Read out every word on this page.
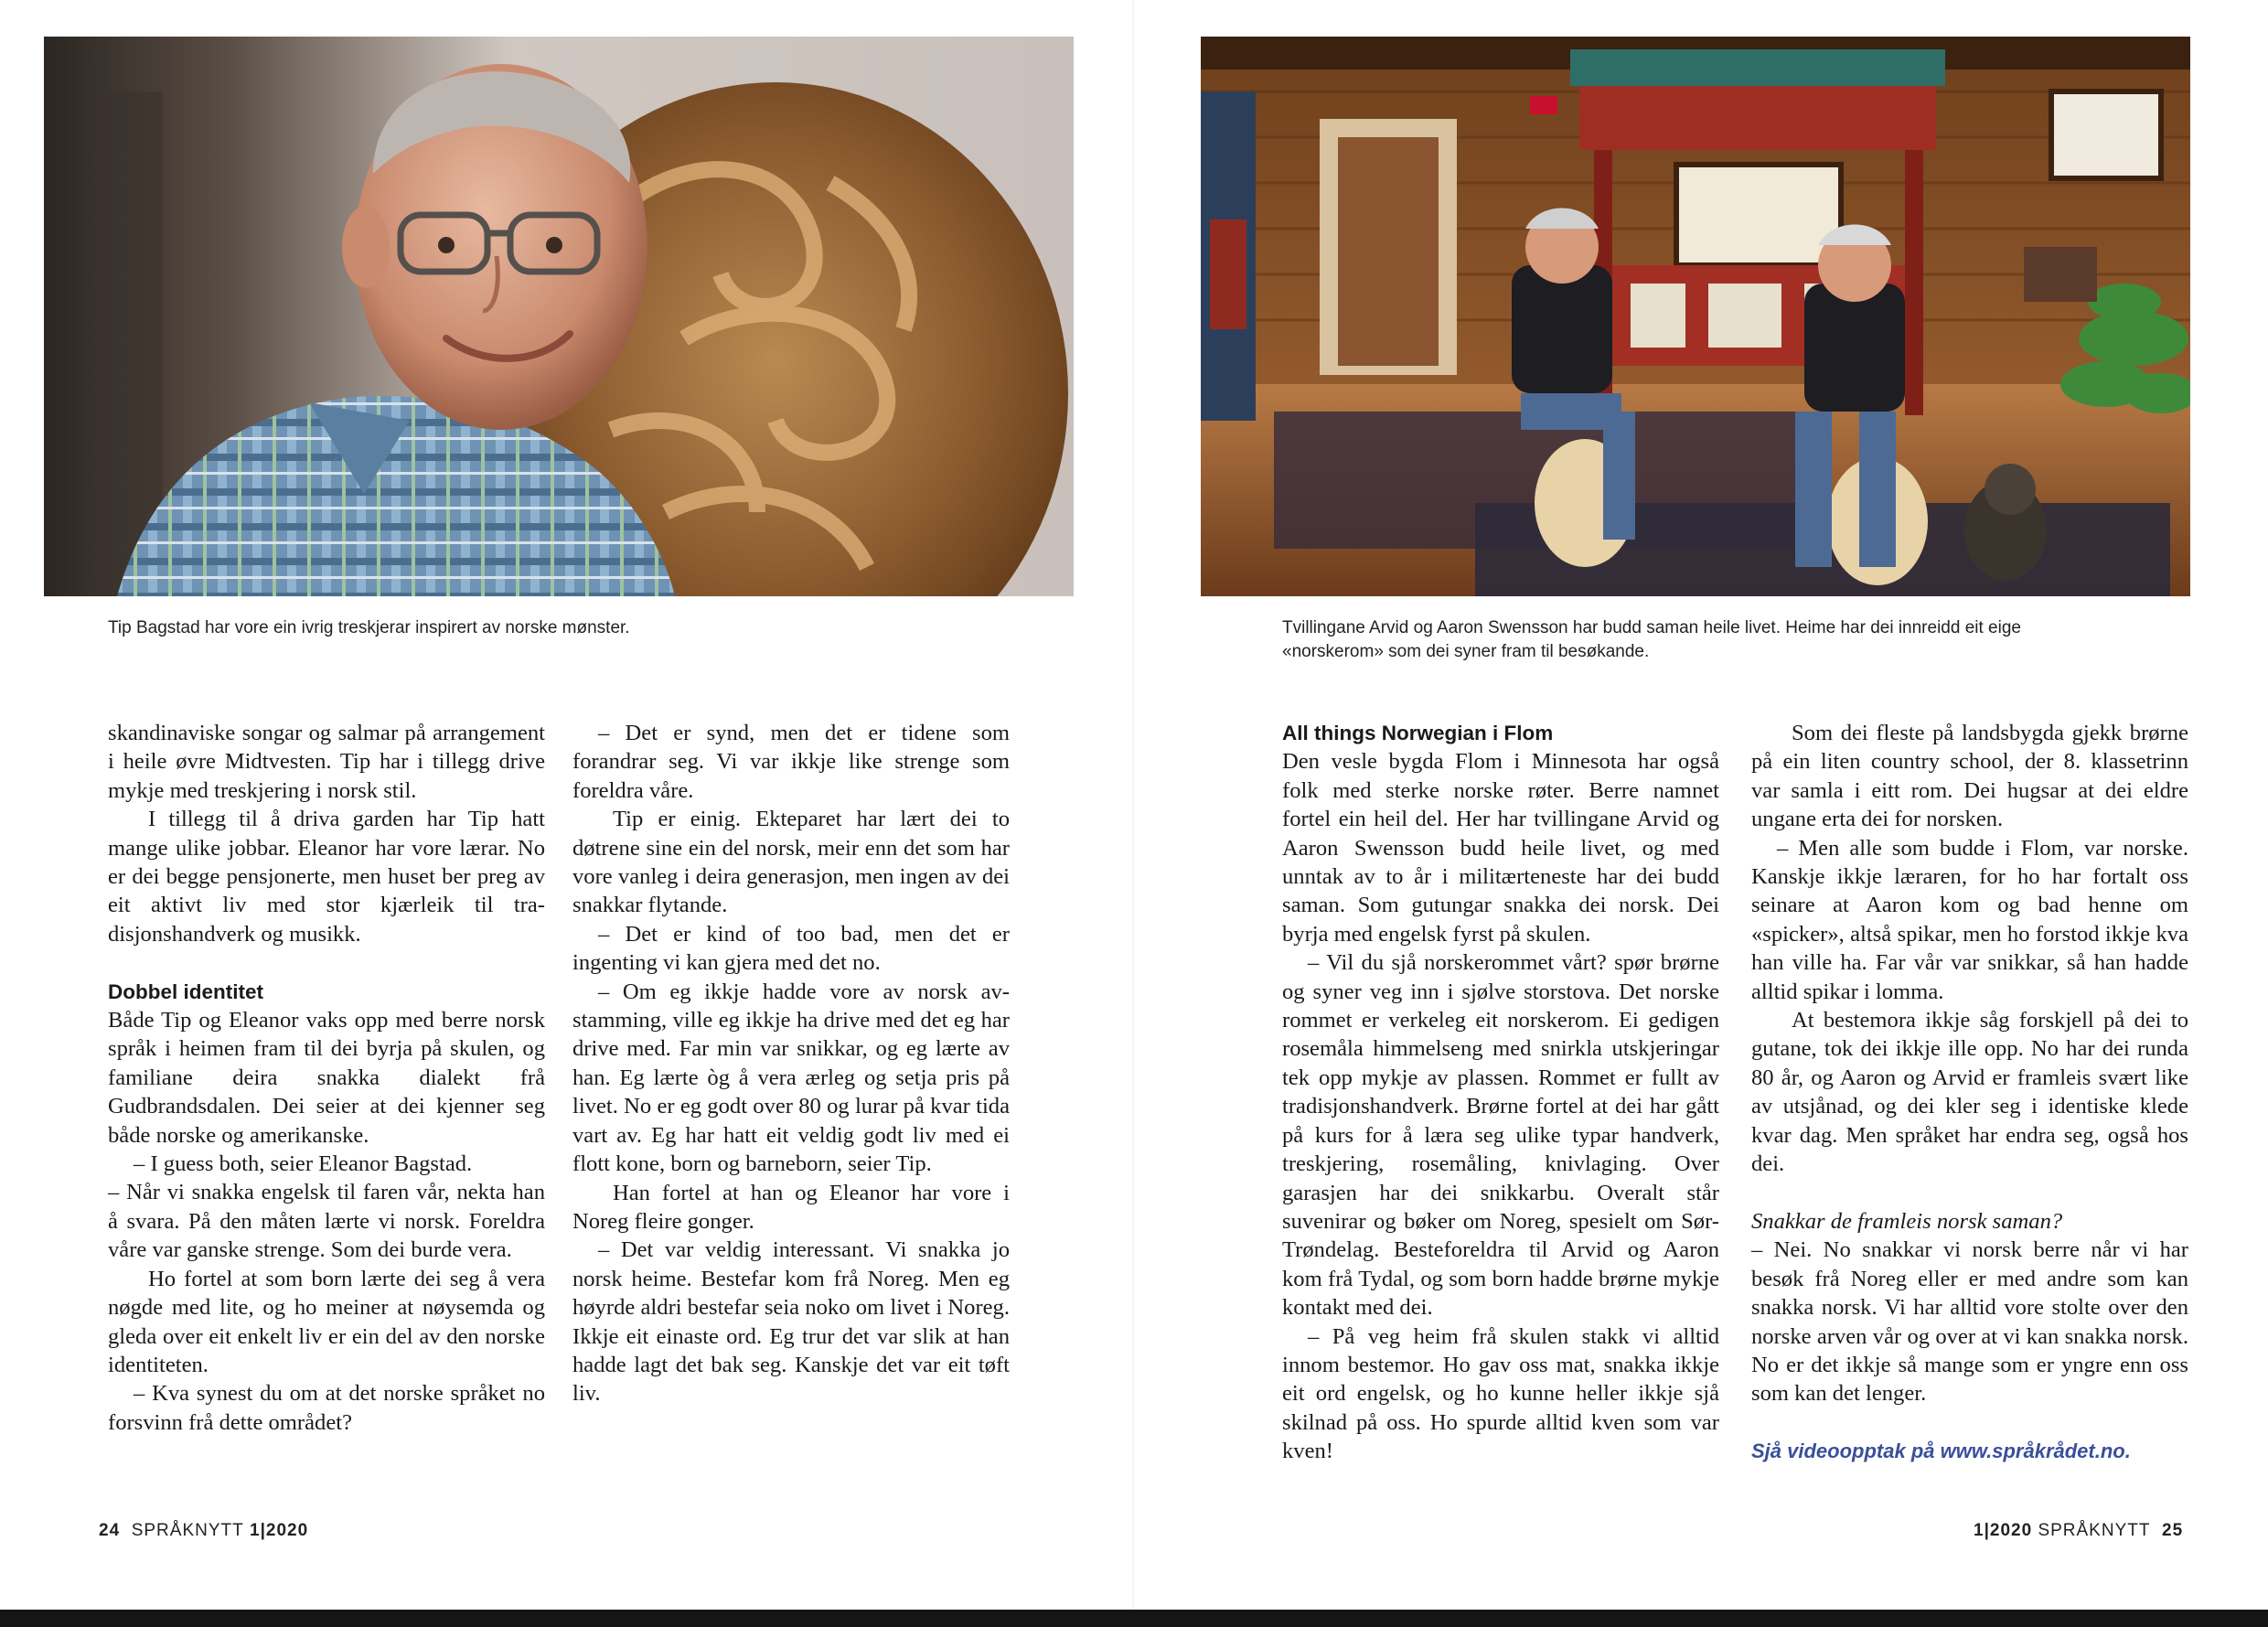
Tip Bagstad har vore ein ivrig treskjerar inspirert av norske mønster.

skandinaviske songar og salmar på arrangement i heile øvre Midtvesten. Tip har i tillegg drive mykje med treskjering i norsk stil.

I tillegg til å driva garden har Tip hatt mange ulike jobbar. Eleanor har vore lærar. No er dei begge pensjonerte, men huset ber preg av eit aktivt liv med stor kjærleik til tradisjonshandverk og musikk.

Dobbel identitet

Både Tip og Eleanor vaks opp med berre norsk språk i heimen fram til dei byrja på skulen, og familiane deira snakka dialekt frå Gudbrandsdalen. Dei seier at dei kjenner seg både norske og amerikanske.

– I guess both, seier Eleanor Bagstad.

– Når vi snakka engelsk til faren vår, nekta han å svara. På den måten lærte vi norsk. Foreldra våre var ganske strenge. Som dei burde vera.

Ho fortel at som born lærte dei seg å vera nøgde med lite, og ho meiner at nøysemda og gleda over eit enkelt liv er ein del av den norske identiteten.

– Kva synest du om at det norske språket no forsvinn frå dette området?

– Det er synd, men det er tidene som forandrar seg. Vi var ikkje like strenge som foreldra våre.

Tip er einig. Ekteparet har lært dei to døtrene sine ein del norsk, meir enn det som har vore vanleg i deira generasjon, men ingen av dei snakkar flytande.

– Det er kind of too bad, men det er ingenting vi kan gjera med det no.

– Om eg ikkje hadde vore av norsk avstamming, ville eg ikkje ha drive med det eg har drive med. Far min var snikkar, og eg lærte av han. Eg lærte òg å vera ærleg og setja pris på livet. No er eg godt over 80 og lurar på kvar tida vart av. Eg har hatt eit veldig godt liv med ei flott kone, born og barneborn, seier Tip.

Han fortel at han og Eleanor har vore i Noreg fleire gonger.

– Det var veldig interessant. Vi snakka jo norsk heime. Bestefar kom frå Noreg. Men eg høyrde aldri bestefar seia noko om livet i Noreg. Ikkje eit einaste ord. Eg trur det var slik at han hadde lagt det bak seg. Kanskje det var eit tøft liv.

24 SPRÅKNYTT 1|2020
Tvillingane Arvid og Aaron Swensson har budd saman heile livet. Heime har dei innreidd eit eige
«norskerom» som dei syner fram til besøkande.

All things Norwegian i Flom

Den vesle bygda Flom i Minnesota har også folk med sterke norske røter. Berre namnet fortel ein heil del. Her har tvillingane Arvid og Aaron Swensson budd heile livet, og med unntak av to år i militærteneste har dei budd saman. Som gutungar snakka dei norsk. Dei byrja med engelsk fyrst på skulen.

– Vil du sjå norskerommet vårt? spør brørne og syner veg inn i sjølve storstova. Det norske rommet er verkeleg eit norskerom. Ei gedigen rosemåla himmelseng med snirkla utskjeringar tek opp mykje av plassen. Rommet er fullt av tradisjonshandverk. Brørne fortel at dei har gått på kurs for å læra seg ulike typar handverk, treskjering, rosemåling, knivlaging. Over garasjen har dei snikkarbu. Overalt står suvenirar og bøker om Noreg, spesielt om Sør-Trøndelag. Besteforeldra til Arvid og Aaron kom frå Tydal, og som born hadde brørne mykje kontakt med dei.

– På veg heim frå skulen stakk vi alltid innom bestemor. Ho gav oss mat, snakka ikkje eit ord engelsk, og ho kunne heller ikkje sjå skilnad på oss. Ho spurde alltid kven som var kven!

Som dei fleste på landsbygda gjekk brørne på ein liten country school, der 8. klassetrinn var samla i eitt rom. Dei hugsar at dei eldre ungane erta dei for norsken.

– Men alle som budde i Flom, var norske. Kanskje ikkje læraren, for ho har fortalt oss seinare at Aaron kom og bad henne om «spicker», altså spikar, men ho forstod ikkje kva han ville ha. Far vår var snikkar, så han hadde alltid spikar i lomma.

At bestemora ikkje såg forskjell på dei to gutane, tok dei ikkje ille opp. No har dei runda 80 år, og Aaron og Arvid er framleis svært like av utsjånad, og dei kler seg i identiske klede kvar dag. Men språket har endra seg, også hos dei.

Snakkar de framleis norsk saman?

– Nei. No snakkar vi norsk berre når vi har besøk frå Noreg eller er med andre som kan snakka norsk. Vi har alltid vore stolte over den norske arven vår og over at vi kan snakka norsk. No er det ikkje så mange som er yngre enn oss som kan det lenger.

Sjå videoopptak på www.språkrådet.no.

1|2020 SPRÅKNYTT 25
